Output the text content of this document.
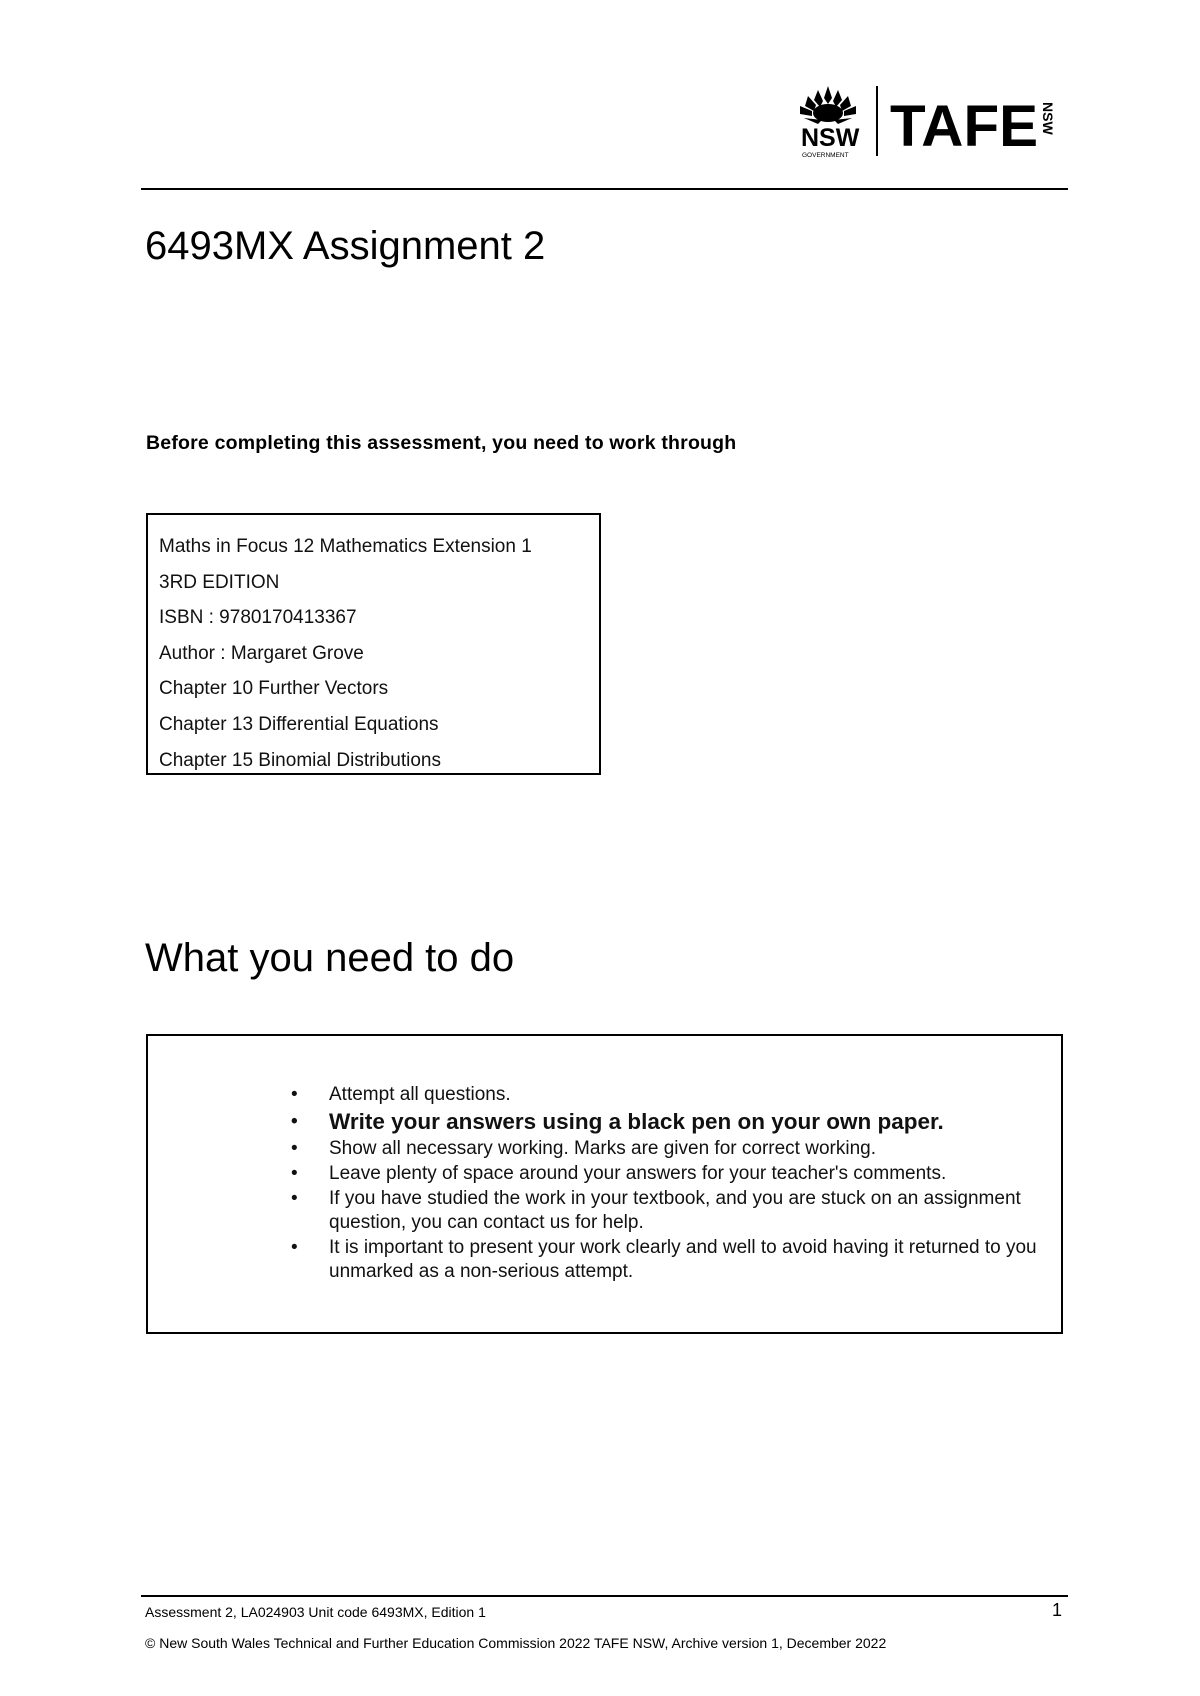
NSW
GOVERNMENT TAFE NSW
6493MX Assignment 2

Before completing this assessment, you need to work through

Maths in Focus 12 Mathematics Extension 1
3RD EDITION
ISBN : 9780170413367
Author : Margaret Grove
Chapter 10 Further Vectors
Chapter 13 Differential Equations
Chapter 15 Binomial Distributions
What you need to do
• Attempt all questions.
• Write your answers using a black pen on your own paper.
• Show all necessary working. Marks are given for correct working.
• Leave plenty of space around your answers for your teacher's comments.
• If you have studied the work in your textbook, and you are stuck on an assignment question, you can contact us for help.
• It is important to present your work clearly and well to avoid having it returned to you unmarked as a non-serious attempt.
Assessment 2, LA024903 Unit code 6493MX, Edition 1	1
© New South Wales Technical and Further Education Commission 2022 TAFE NSW, Archive version 1, December 2022
